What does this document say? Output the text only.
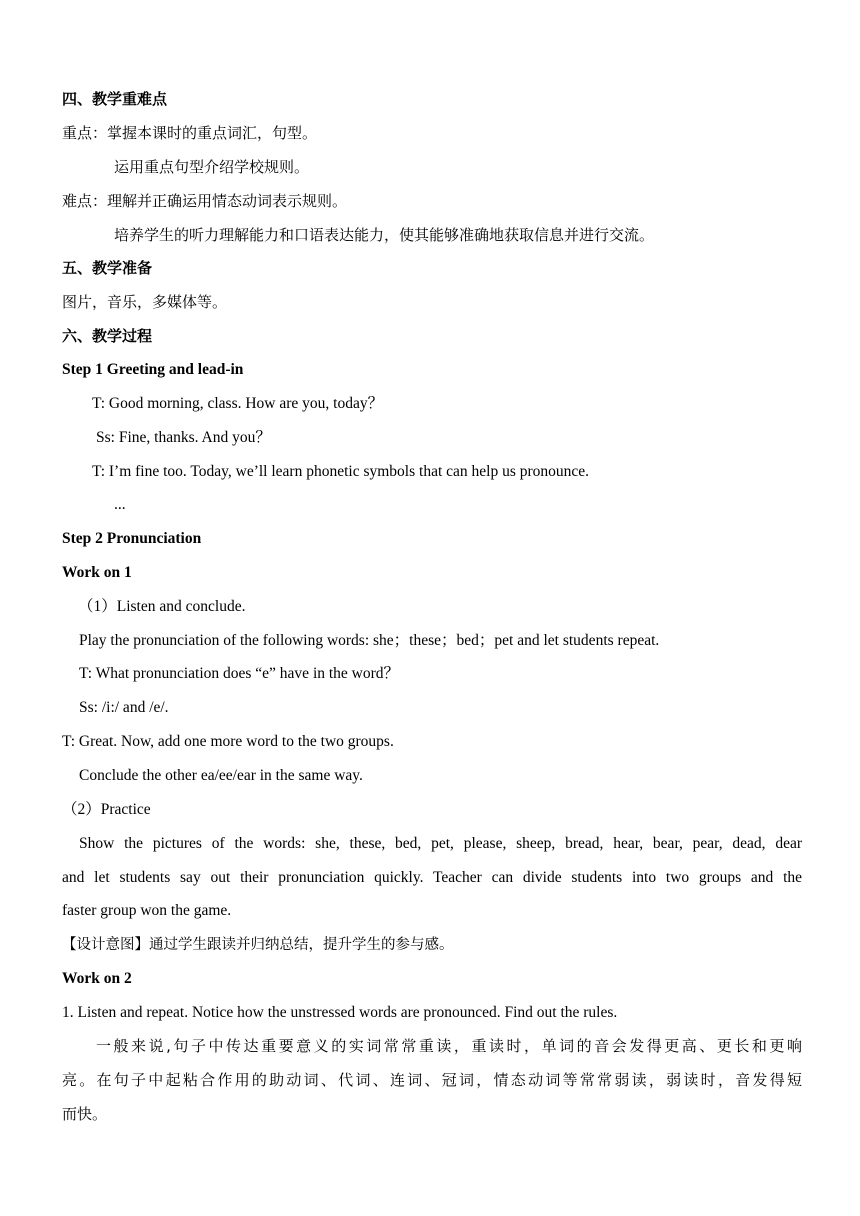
四、教学重难点
重点：掌握本课时的重点词汇，句型。
运用重点句型介绍学校规则。
难点：理解并正确运用情态动词表示规则。
培养学生的听力理解能力和口语表达能力，使其能够准确地获取信息并进行交流。
五、教学准备
图片，音乐，多媒体等。
六、教学过程
Step 1 Greeting and lead-in
T: Good morning, class. How are you, today？
Ss: Fine, thanks. And you？
T: I’m fine too. Today, we’ll learn phonetic symbols that can help us pronounce.
...
Step 2 Pronunciation
Work on 1
（1）Listen and conclude.
Play the pronunciation of the following words: she；these；bed；pet and let students repeat.
T: What pronunciation does “e” have in the word？
Ss: /i:/ and /e/.
T: Great. Now, add one more word to the two groups.
Conclude the other ea/ee/ear in the same way.
（2）Practice
Show the pictures of the words: she, these, bed, pet, please, sheep, bread, hear, bear, pear, dead, dear
and let students say out their pronunciation quickly. Teacher can divide students into two groups and the
faster group won the game.
【设计意图】通过学生跟读并归纳总结，提升学生的参与感。
Work on 2
1. Listen and repeat. Notice how the unstressed words are pronounced. Find out the rules.
一般来说,句子中传达重要意义的实词常常重读，重读时，单词的音会发得更高、更长和更响
亮。在句子中起粘合作用的助动词、代词、连词、冠词，情态动词等常常弱读，弱读时，音发得短
而快。
